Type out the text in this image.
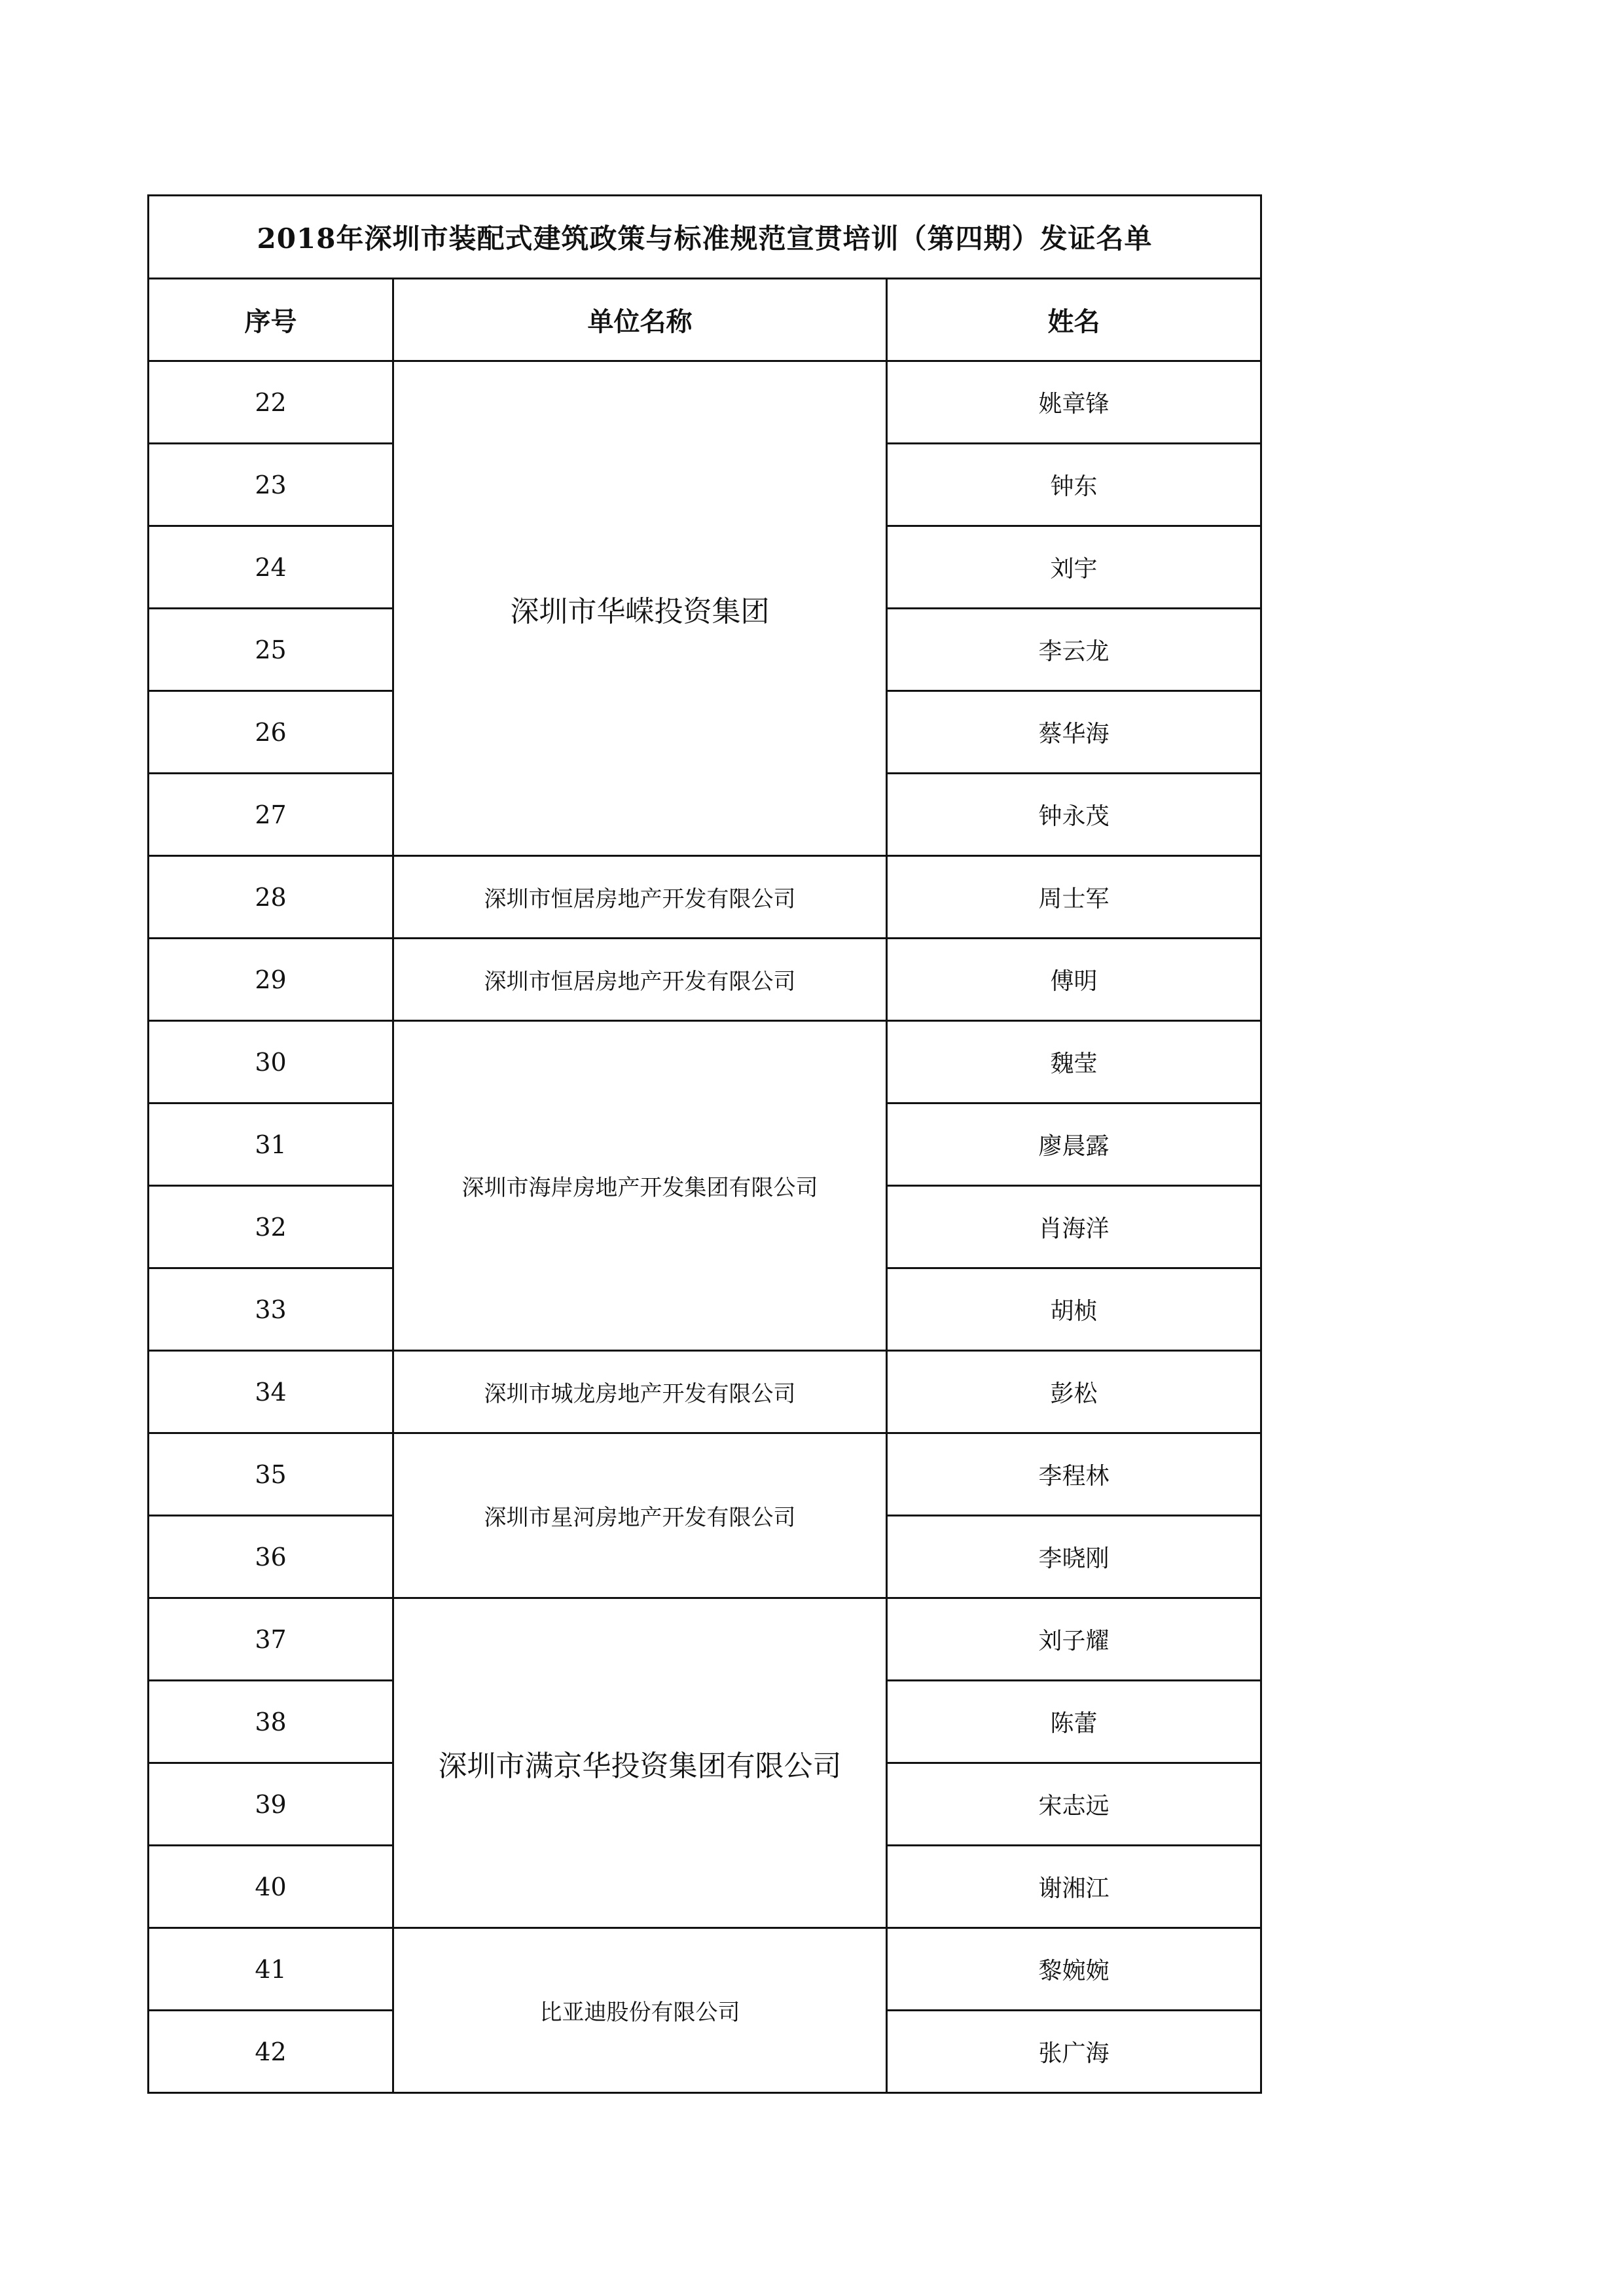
2018年深圳市装配式建筑政策与标准规范宣贯培训（第四期）发证名单		
序号	单位名称	姓名
22	深圳市华嵘投资集团	姚章锋
23		钟东
24		刘宇
25		李云龙
26		蔡华海
27		钟永茂
28	深圳市恒居房地产开发有限公司	周士军
29	深圳市恒居房地产开发有限公司	傅明
30	深圳市海岸房地产开发集团有限公司	魏莹
31		廖晨露
32		肖海洋
33		胡桢
34	深圳市城龙房地产开发有限公司	彭松
35	深圳市星河房地产开发有限公司	李程林
36		李晓刚
37	深圳市满京华投资集团有限公司	刘子耀
38		陈蕾
39		宋志远
40		谢湘江
41	比亚迪股份有限公司	黎婉婉
42		张广海
